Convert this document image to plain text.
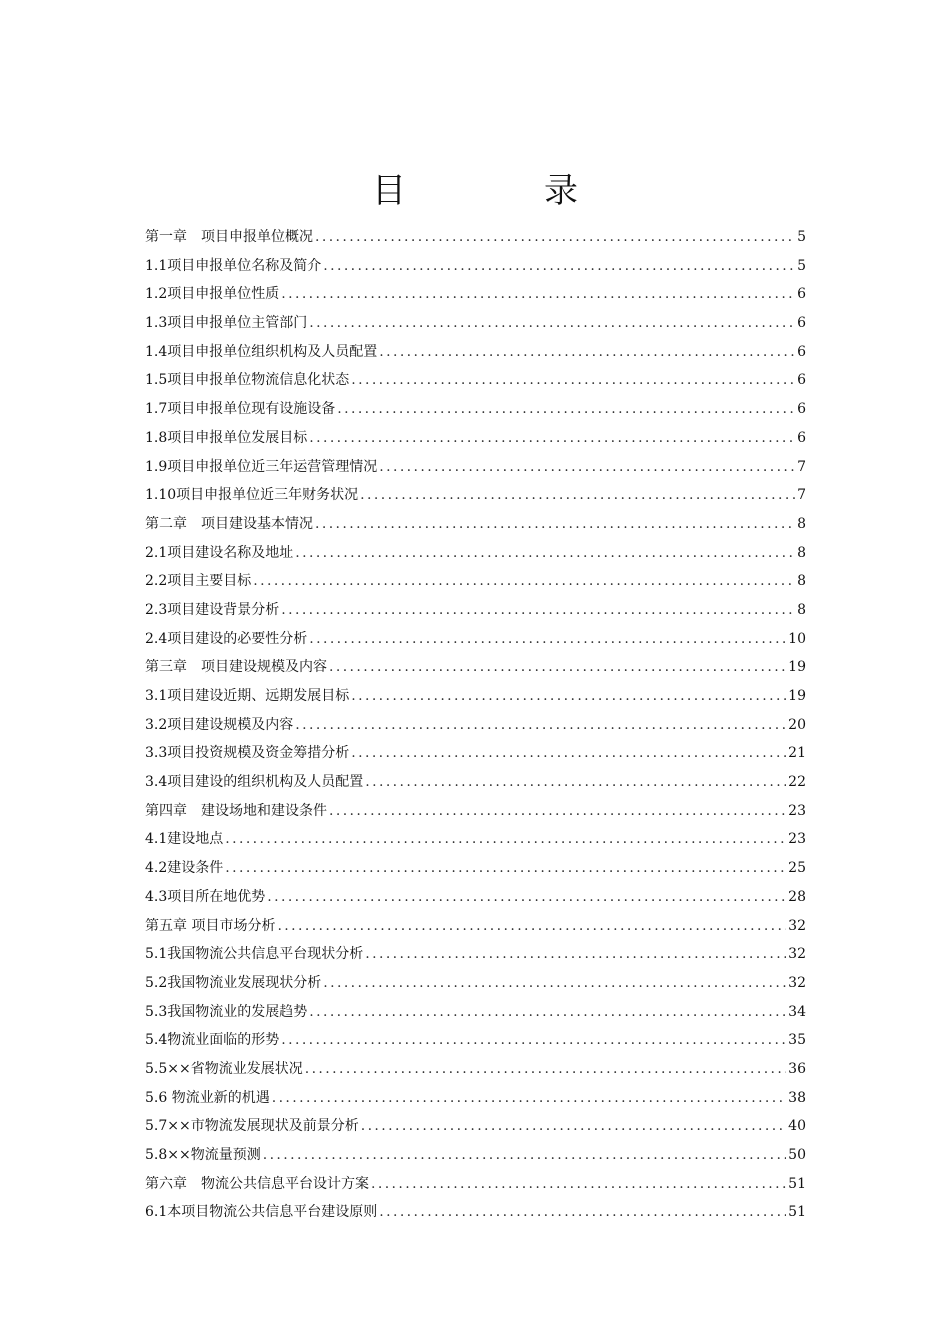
目　录
第一章　项目申报单位概况 .....	5
1.1项目申报单位名称及简介 .....	5
1.2项目申报单位性质 .....	6
1.3项目申报单位主管部门 .....	6
1.4项目申报单位组织机构及人员配置 .....	6
1.5项目申报单位物流信息化状态 .....	6
1.7项目申报单位现有设施设备 .....	6
1.8项目申报单位发展目标 .....	6
1.9项目申报单位近三年运营管理情况 .....	7
1.10项目申报单位近三年财务状况 .....	7
第二章　项目建设基本情况 .....	8
2.1项目建设名称及地址 .....	8
2.2项目主要目标 .....	8
2.3项目建设背景分析 .....	8
2.4项目建设的必要性分析 .....	10
第三章　项目建设规模及内容 .....	19
3.1项目建设近期、远期发展目标 .....	19
3.2项目建设规模及内容 .....	20
3.3项目投资规模及资金筹措分析 .....	21
3.4项目建设的组织机构及人员配置 .....	22
第四章　建设场地和建设条件 .....	23
4.1建设地点 .....	23
4.2建设条件 .....	25
4.3项目所在地优势 .....	28
第五章 项目市场分析 .....	32
5.1我国物流公共信息平台现状分析 .....	32
5.2我国物流业发展现状分析 .....	32
5.3我国物流业的发展趋势 .....	34
5.4物流业面临的形势 .....	35
5.5××省物流业发展状况 .....	36
5.6 物流业新的机遇 .....	38
5.7××市物流发展现状及前景分析 .....	40
5.8××物流量预测 .....	50
第六章　物流公共信息平台设计方案 .....	51
6.1本项目物流公共信息平台建设原则 .....	51
